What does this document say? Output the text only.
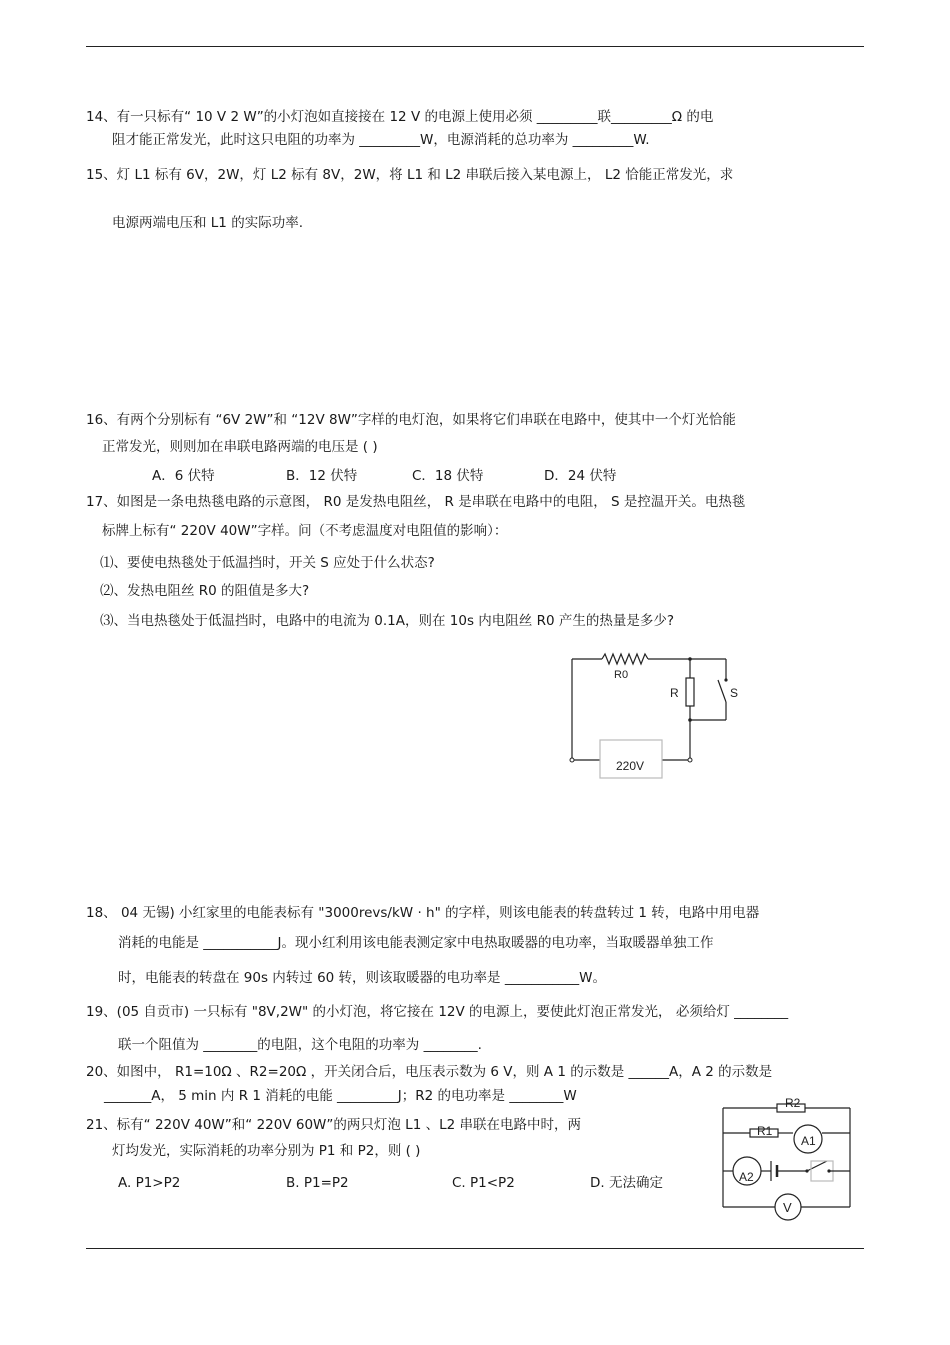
14、有一只标有“ 10 V 2 W”的小灯泡如直接接在 12 V 的电源上使用必须 _________联_________Ω 的电
阻才能正常发光，此时这只电阻的功率为 _________W，电源消耗的总功率为 _________W.
15、灯 L1 标有 6V，2W，灯 L2 标有 8V，2W，将 L1 和 L2 串联后接入某电源上， L2 恰能正常发光，求
电源两端电压和 L1 的实际功率.
16、有两个分别标有 “6V 2W”和 “12V 8W”字样的电灯泡，如果将它们串联在电路中，使其中一个灯光恰能
正常发光，则则加在串联电路两端的电压是 ( )
A．6 伏特	B．12 伏特	C．18 伏特	D．24 伏特
17、如图是一条电热毯电路的示意图， R0 是发热电阻丝， R 是串联在电路中的电阻， S 是控温开关。电热毯
标牌上标有“ 220V 40W”字样。问（不考虑温度对电阻值的影响）：
⑴、要使电热毯处于低温挡时，开关 S 应处于什么状态?
⑵、发热电阻丝 R0 的阻值是多大?
⑶、当电热毯处于低温挡时，电路中的电流为 0.1A，则在 10s 内电阻丝 R0 产生的热量是多少?
R0
R	S
220V
18、 04 无锡) 小红家里的电能表标有 "3000revs/kW · h" 的字样，则该电能表的转盘转过 1 转，电路中用电器
消耗的电能是 ___________J。现小红利用该电能表测定家中电热取暖器的电功率，当取暖器单独工作
时，电能表的转盘在 90s 内转过 60 转，则该取暖器的电功率是 ___________W。
19、(05 自贡市) 一只标有 "8V,2W" 的小灯泡，将它接在 12V 的电源上，要使此灯泡正常发光， 必须给灯 ________
联一个阻值为 ________的电阻，这个电阻的功率为 ________.
20、如图中， R1=10Ω 、R2=20Ω ，开关闭合后，电压表示数为 6 V，则 A 1 的示数是 ______A，A 2 的示数是
_______A， 5 min 内 R 1 消耗的电能 _________J；R2 的电功率是 ________W
21、标有“ 220V 40W”和“ 220V 60W”的两只灯泡 L1 、L2 串联在电路中时，两
灯均发光，实际消耗的功率分别为 P1 和 P2，则 ( )
A. P1>P2	B. P1=P2	C. P1<P2	D. 无法确定
R2
R1
A1
A2
V
